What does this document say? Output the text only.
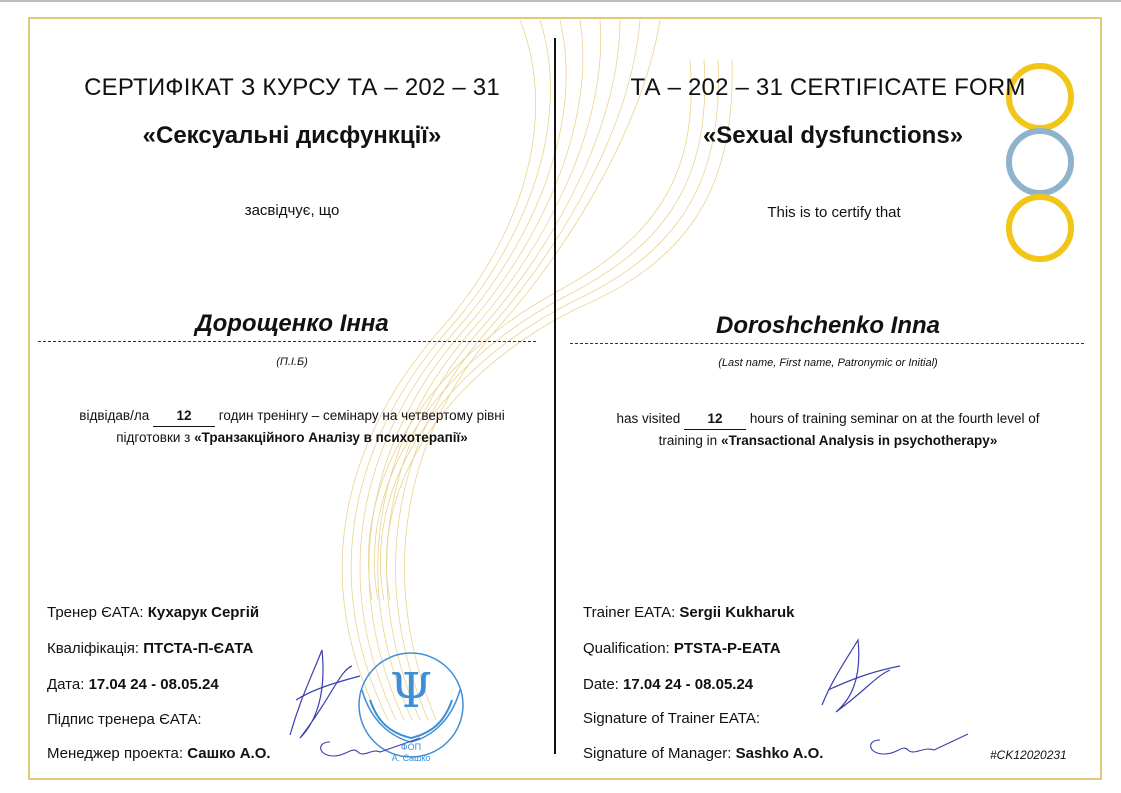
Ψ
ФОП
А. Сашко
СЕРТИФІКАТ З КУРСУ ТА – 202 – 31
«Сексуальні дисфункції»
засвідчує, що
Дорощенко Інна
(П.І.Б)
відвідав/ла 12 годин тренінгу – семінару на четвертому рівні
підготовки з «Транзакційного Аналізу в психотерапії»
Тренер ЄАТА: Кухарук Сергій
Кваліфікація: ПТСТА-П-ЄАТА
Дата: 17.04 24 - 08.05.24
Підпис тренера ЄАТА:
Менеджер проекта: Сашко А.О.
ТА – 202 – 31 CERTIFICATE FORM
«Sexual dysfunctions»
This is to certify that
Doroshchenko Inna
(Last name, First name, Patronymic or Initial)
has visited 12 hours of training seminar on at the fourth level of
training in «Transactional Analysis in psychotherapy»
Trainer EATA: Sergii Kukharuk
Qualification: PTSTA-P-EATA
Date: 17.04 24 - 08.05.24
Signature of Trainer EATA:
Signature of Manager: Sashko A.O.	#CK12020231
